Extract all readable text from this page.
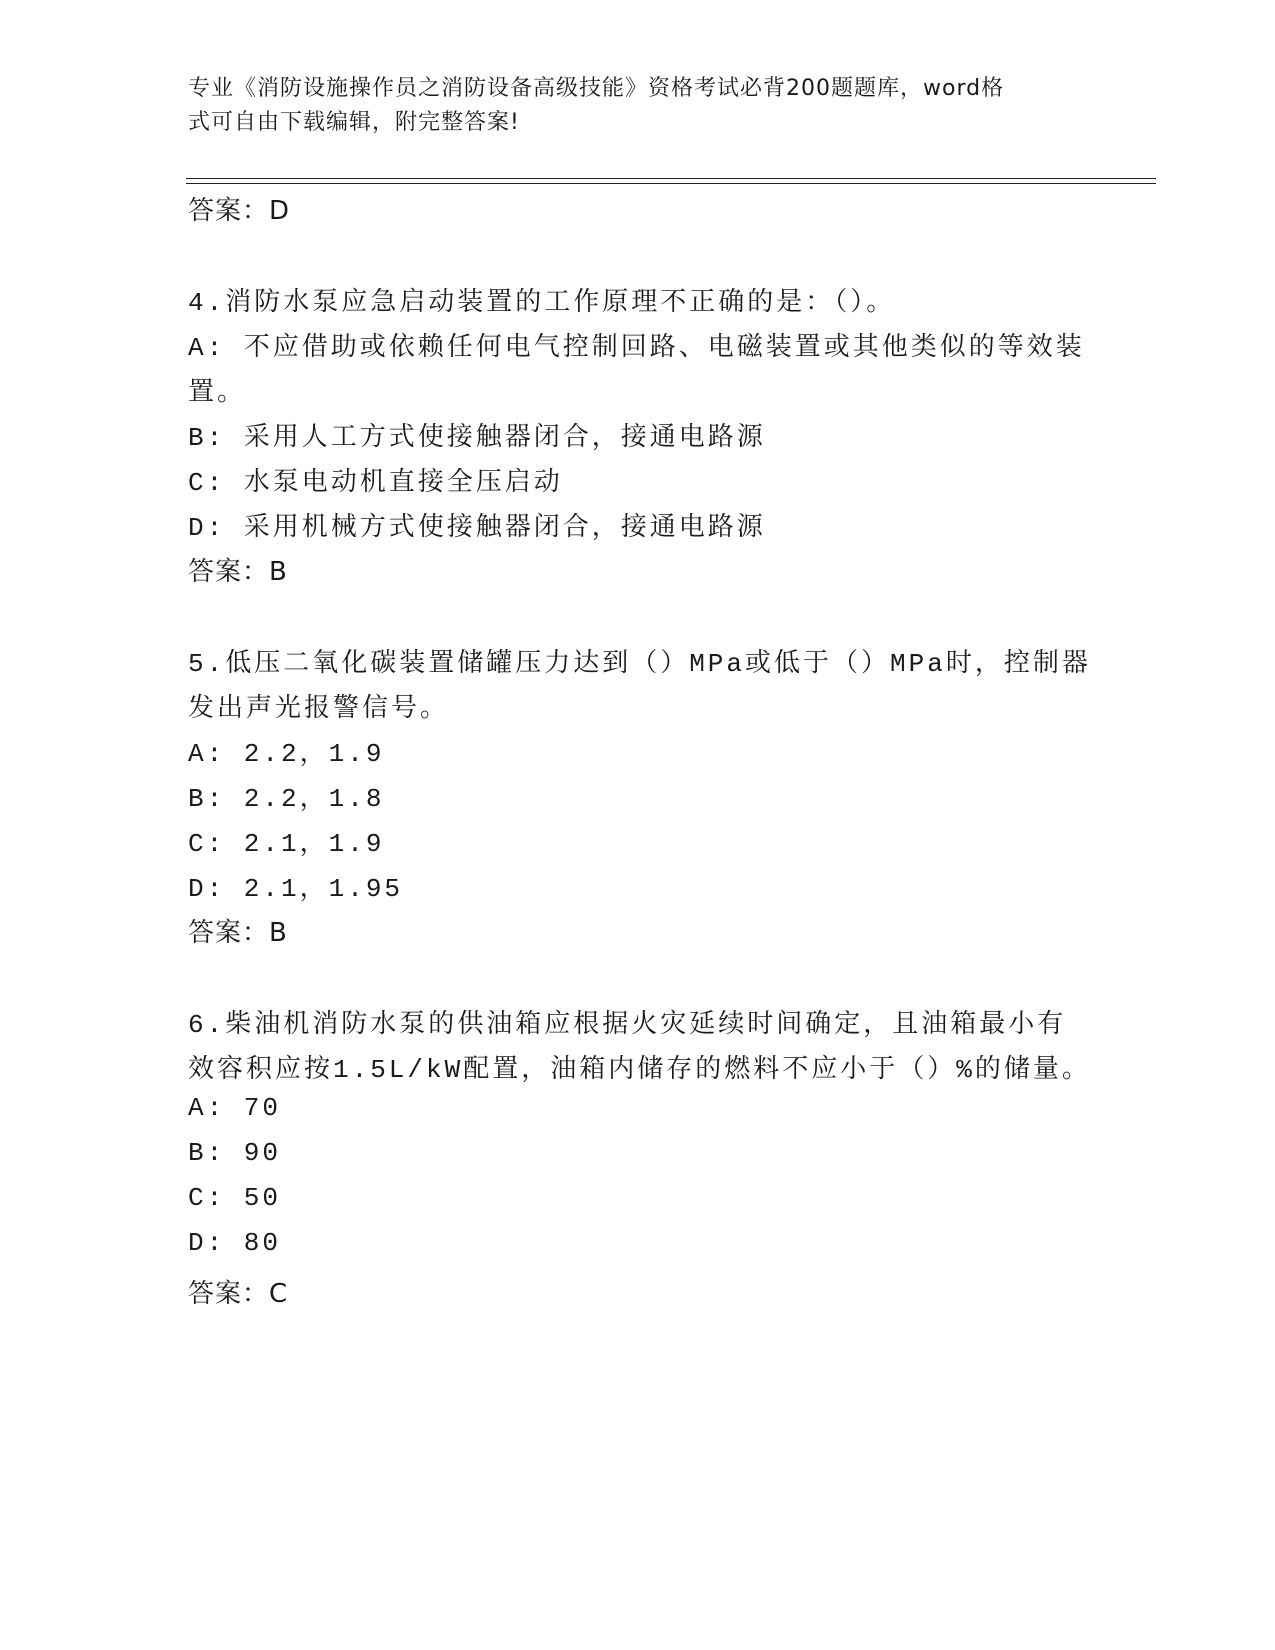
专业《消防设施操作员之消防设备高级技能》资格考试必背200题题库，word格
式可自由下载编辑，附完整答案!
答案：D
4.消防水泵应急启动装置的工作原理不正确的是：（）。
A: 不应借助或依赖任何电气控制回路、电磁装置或其他类似的等效装
置。
B: 采用人工方式使接触器闭合，接通电路源
C: 水泵电动机直接全压启动
D: 采用机械方式使接触器闭合，接通电路源
答案：B
5.低压二氧化碳装置储罐压力达到（）MPa或低于（）MPa时，控制器
发出声光报警信号。
A: 2.2，1.9
B: 2.2，1.8
C: 2.1，1.9
D: 2.1，1.95
答案：B
6.柴油机消防水泵的供油箱应根据火灾延续时间确定，且油箱最小有
效容积应按1.5L/kW配置，油箱内储存的燃料不应小于（）%的储量。
A: 70
B: 90
C: 50
D: 80
答案：C
